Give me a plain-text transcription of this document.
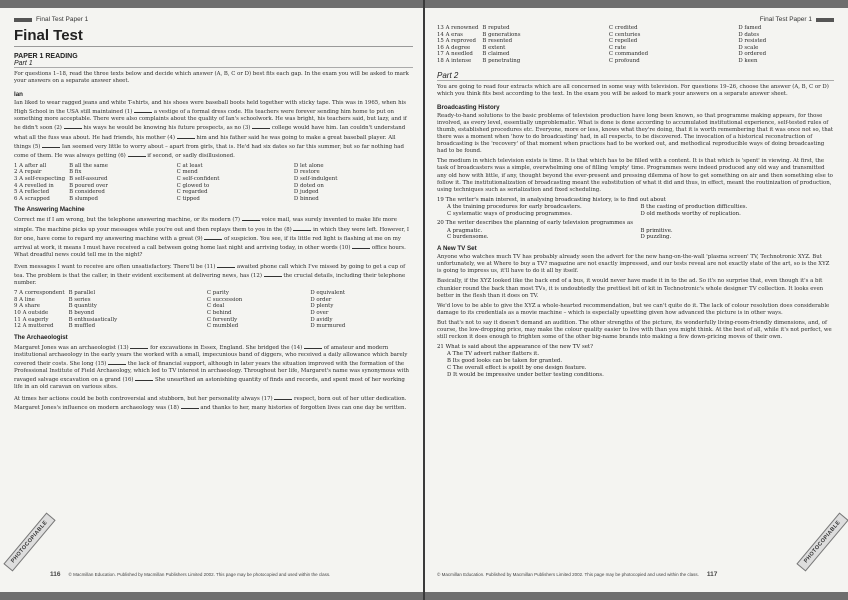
Final Test Paper 1
Final Test
PAPER 1 READING
Part 1

For questions 1–18, read the three texts below and decide which answer (A, B, C or D) best fits each gap. In the exam you will be asked to mark your answers on a separate answer sheet.

Ian

Ian liked to wear ragged jeans and white T-shirts, and his shoes were baseball boots held together with sticky tape. This was in 1965, when his High School in the USA still maintained (1)	a vestige of a formal dress code. His teachers were forever sending him home to put on something more acceptable. There were also complaints about the quality of Ian's schoolwork. He was bright, his teachers said, but lazy, and if he didn't soon (2)	his ways he would be knowing his future prospects, as no (3)	college would have him. Ian couldn't understand what all the fuss was about. He had friends, his mother (4)	him and his father said he was going to make a great baseball player. All things (5)	Ian seemed very little to worry about – apart from girls, that is. He'd had six dates so far this summer, but so far nothing had come of them. He was always getting (6)	if second, or sadly disillusioned.

1 A after all	B all the same	C at least	D let alone
2 A repair	B fix	C mend	D restore
3 A self-respecting	B self-assured	C self-confident	D self-indulgent
4 A revelled in	B poured over	C glowed to	D doted on
5 A reflected	B considered	C regarded	D judged
6 A scrapped	B slumped	C tipped	D binned
The Answering Machine

Correct me if I am wrong, but the telephone answering machine, or its modern (7)	voice mail, was surely invented to make life more simple. The machine picks up your messages while you're out and then replays them to you in the (8)	in which they were left. However, I for one, have come to regard my answering machine with a great (9)	of suspicion. You see, if its little red light is flashing at me on my arrival at work, it means I must have received a call between going home last night and arriving today, in other words (10)	office hours. What dreadful news could tell me in the night?

Even messages I want to receive are often unsatisfactory. There'll be (11)	awaited phone call which I've missed by going to get a cup of tea. The problem is that the caller, in their evident excitement at delivering news, has (12)	the crucial details, including their telephone number.

7 A correspondent	B parallel	C parity	D equivalent
8 A line	B series	C succession	D order
9 A share	B quantity	C deal	D plenty
10 A outside	B beyond	C behind	D over
11 A eagerly	B enthusiastically	C fervently	D avidly
12 A muttered	B muffled	C mumbled	D murmured
The Archaeologist

Margaret Jones was an archaeologist (13)	for excavations in Essex, England. She bridged the (14)	of amateur and modern institutional archaeology in the early years the worked with a small, impecunious band of diggers, who received a daily allowance which barely covered their costs. She long (15)	the lack of financial support, although in later years the situation improved with the formation of the Professional Institute of Field Archaeology, which led to TV interest in archaeology. Throughout her life, Margaret's name was synonymous with ravaged salvage excavation on a grand (16)	She unearthed an astonishing quantity of finds and records, and spent most of her working life in an old caravan on various sites.

At times her actions could be both controversial and stubborn, but her personality always (17)	respect, born out of her utter dedication. Margaret Jones's influence on modern archaeology was (18)	and thanks to her, many histories of forgotten lives can one day be written.

PHOTOCOPIABLE
116 © Macmillan Education. Published by Macmillan Publishers Limited 2002. This page may be photocopied and used within the class.
Final Test Paper 1
13 A renowned	B reputed	C credited	D famed
14 A eras	B generations	C centuries	D dates
15 A reproved	B resented	C repelled	D resisted
16 A degree	B extent	C rate	D scale
17 A needled	B claimed	C commanded	D ordered
18 A intense	B penetrating	C profound	D keen
Part 2

You are going to read four extracts which are all concerned in some way with television. For questions 19–26, choose the answer (A, B, C or D) which you think fits best according to the text. In the exam you will be asked to mark your answers on a separate answer sheet.

Broadcasting History

Ready-to-hand solutions to the basic problems of television production have long been known, so that programme making appears, for those involved, as every level, essentially unproblematic. What is done is done according to accumulated institutional experience, self-tested rules of thumb, established procedures etc. Everyone, more or less, knows what they're doing, that it is worth remembering that it was once not so, that there was a moment when 'how to do broadcasting' had, in all respects, to be discovered. The invocation of a historical reconstruction of broadcasting is the 'recovery' of that moment when practices had to be worked out, and methodical reproducible ways of doing broadcasting had to be found.

The medium in which television exists is time. It is that which has to be filled with a content. It is that which is 'spent' in viewing. At first, the task of broadcasters was a simple, overwhelming one of filling 'empty' time. Programmes were indeed produced any old way and transmitted any old how with little, if any, thought beyond the ever-present and pressing dilemma of how to get something on air and then something else to follow it. The institutionalization of broadcasting meant the substitution of what it did and thus, in effect, meant the routinization of production, using techniques such as serialization and fixed scheduling.

19 The writer's main interest, in analysing broadcasting history, is to find out about
A the training procedures for early broadcasters.	B the casting of production difficulties.
C systematic ways of producing programmes.	D old methods worthy of replication.
20 The writer describes the planning of early television programmes as
A pragmatic.	B primitive.
C burdensome.	D puzzling.
A New TV Set

Anyone who watches much TV has probably already seen the advert for the new hang-on-the-wall 'plasma screen' TV, Technotronic XYZ. But unfortunately, we at Where to buy a TV? magazine are not exactly impressed, and our tests reveal are not exactly state of the art, so is the XYZ is going to impress us, it'll have to do it all by itself.

Basically, if the XYZ looked like the back end of a bus, it would never have made it in to the ad. So it's no surprise that, even though it's a bit chunkier round the back than most TVs, it is undoubtedly the prettiest bit of kit in Technotronic's whole designer TV collection. It looks even better in the flesh than it does on TV.

We'd love to be able to give the XYZ a whole-hearted recommendation, but we can't quite do it. The lack of colour resolution does considerable damage to its credentials as a movie machine – which is especially upsetting given how advanced the picture is in other ways.

But that's not to say it doesn't demand an audition. The other strengths of the picture, its wonderfully living-room-friendly dimensions, and, of course, the low-dropping price, may make the colour quality easier to live with than you might think. At the best of all, while it's not perfect, we still reckon it does enough to frighten some of the other big-name brands into making a few down-pricing moves of their own.

21 What is said about the appearance of the new TV set?
A The TV advert rather flatters it.
B Its good looks can be taken for granted.
C The overall effect is spoilt by one design feature.
D It would be impressive under better testing conditions.
© Macmillan Education. Published by Macmillan Publishers Limited 2002. This page may be photocopied and used within the class. 117
PHOTOCOPIABLE
